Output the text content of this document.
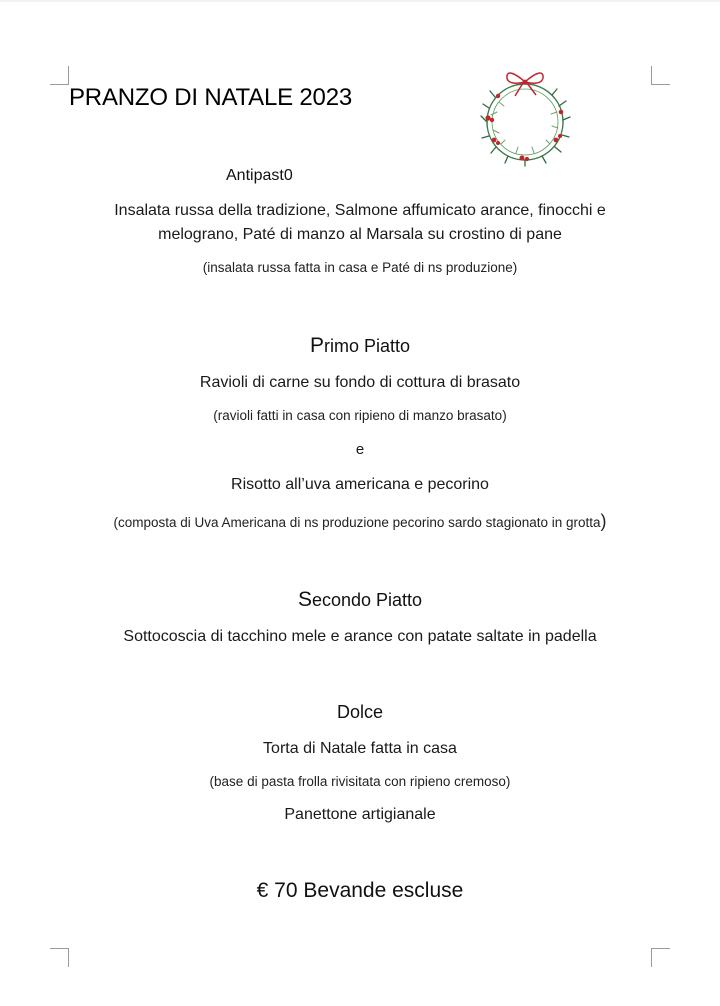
PRANZO DI NATALE 2023
Antipast0
Insalata russa della tradizione, Salmone affumicato arance, finocchi e
melograno, Paté di manzo al Marsala su crostino di pane
(insalata russa fatta in casa e Paté di ns produzione)
Primo Piatto
Ravioli di carne su fondo di cottura di brasato
(ravioli fatti in casa con ripieno di manzo brasato)
e
Risotto all’uva americana e pecorino
(composta di Uva Americana di ns produzione pecorino sardo stagionato in grotta)
Secondo Piatto
Sottocoscia di tacchino mele e arance con patate saltate in padella
Dolce
Torta di Natale fatta in casa
(base di pasta frolla rivisitata con ripieno cremoso)
Panettone artigianale
€ 70 Bevande escluse
